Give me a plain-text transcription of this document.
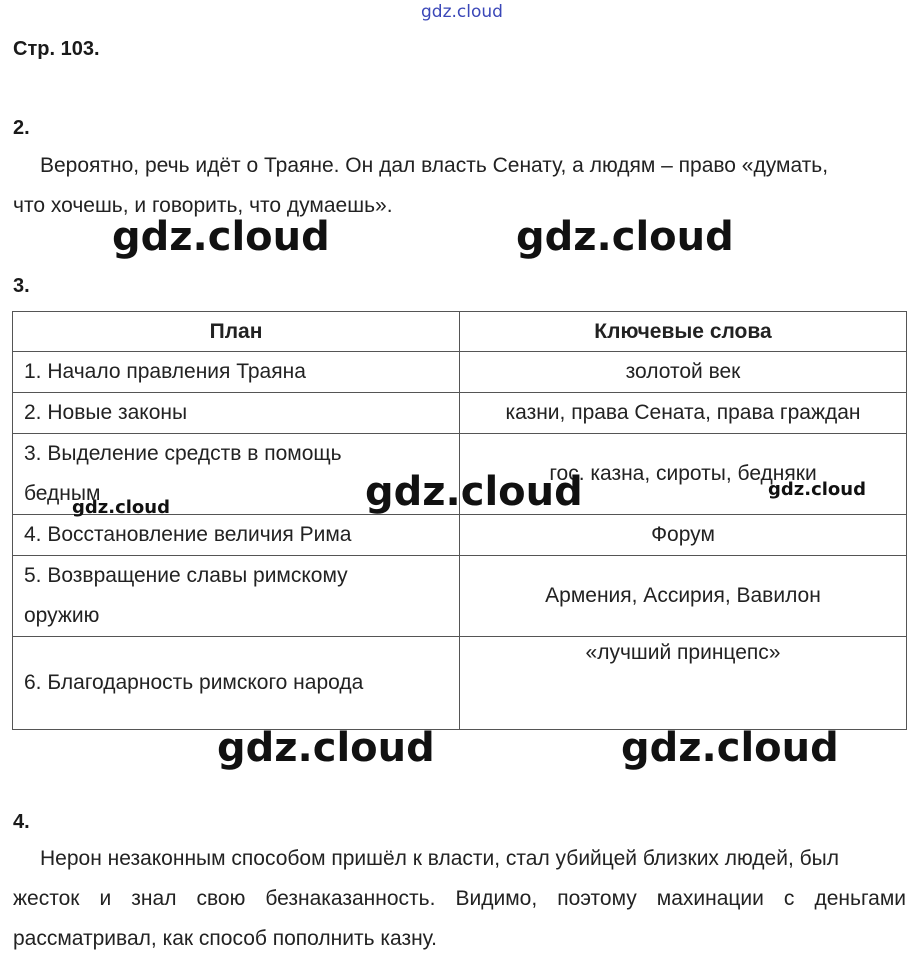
gdz.cloud
Стр. 103.
2.
Вероятно, речь идёт о Траяне. Он дал власть Сенату, а людям – право «думать,
что хочешь, и говорить, что думаешь».
gdz.cloud	gdz.cloud
3.
План	Ключевые слова
1. Начало правления Траяна	золотой век
2. Новые законы	казни, права Сената, права граждан

3. Выделение средств в помощь
бедным	гос. казна, сироты, бедняки
4. Восстановление величия Рима	Форум

5. Возвращение славы римскому
оружию	Армения, Ассирия, Вавилон
6. Благодарность римского народа	«лучший принцепс»
gdz.cloud	gdz.cloud	gdz.cloud
gdz.cloud	gdz.cloud
4.
Нерон незаконным способом пришёл к власти, стал убийцей близких людей, был
жесток и знал свою безнаказанность. Видимо, поэтому махинации с деньгами
рассматривал, как способ пополнить казну.
